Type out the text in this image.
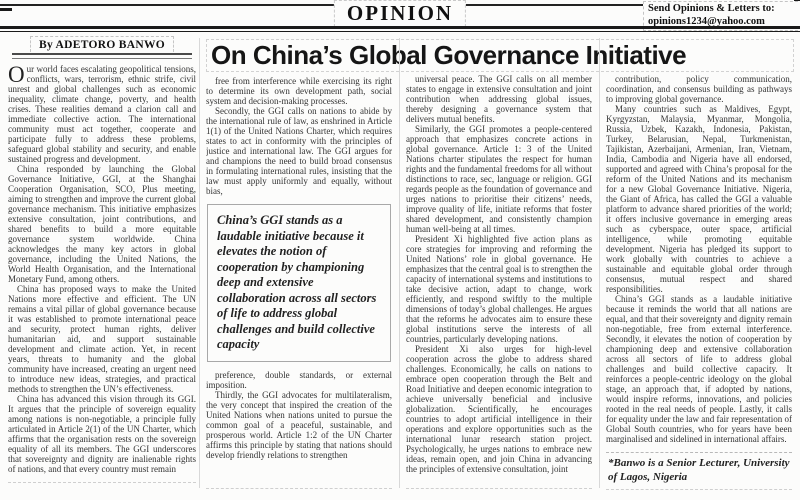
OPINION	Send Opinions & Letters to:
opinions1234@yahoo.com
On China’s Global Governance Initiative
By ADETORO BANWO

Our world faces escalating geopolitical tensions, conflicts, wars, terrorism, ethnic strife, civil unrest and global challenges such as economic inequality, climate change, poverty, and health crises. These realities demand a clarion call and immediate collective action. The international community must act together, cooperate and participate fully to address these problems, safeguard global stability and security, and enable sustained progress and development.

China responded by launching the Global Governance Initiative, GGI, at the Shanghai Cooperation Organisation, SCO, Plus meeting, aiming to strengthen and improve the current global governance mechanism. This initiative emphasizes extensive consultation, joint contributions, and shared benefits to build a more equitable governance system worldwide. China acknowledges the many key actors in global governance, including the United Nations, the World Health Organisation, and the International Monetary Fund, among others.

China has proposed ways to make the United Nations more effective and efficient. The UN remains a vital pillar of global governance because it was established to promote international peace and security, protect human rights, deliver humanitarian aid, and support sustainable development and climate action. Yet, in recent years, threats to humanity and the global community have increased, creating an urgent need to introduce new ideas, strategies, and practical methods to strengthen the UN’s effectiveness.

China has advanced this vision through its GGI. It argues that the principle of sovereign equality among nations is non-negotiable, a principle fully articulated in Article 2(1) of the UN Charter, which affirms that the organisation rests on the sovereign equality of all its members. The GGI underscores that sovereignty and dignity are inalienable rights of nations, and that every country must remain

free from interference while exercising its right to determine its own development path, social system and decision-making processes.

Secondly, the GGI calls on nations to abide by the international rule of law, as enshrined in Article 1(1) of the United Nations Charter, which requires states to act in conformity with the principles of justice and international law. The GGI argues for and champions the need to build broad consensus in formulating international rules, insisting that the law must apply uniformly and equally, without bias,

China’s GGI stands as a laudable initiative because it elevates the notion of cooperation by championing deep and extensive collaboration across all sectors of life to address global challenges and build collective capacity

preference, double standards, or external imposition.

Thirdly, the GGI advocates for multilateralism, the very concept that inspired the creation of the United Nations when nations united to pursue the common goal of a peaceful, sustainable, and prosperous world. Article 1:2 of the UN Charter affirms this principle by stating that nations should develop friendly relations to strengthen

universal peace. The GGI calls on all member states to engage in extensive consultation and joint contribution when addressing global issues, thereby designing a governance system that delivers mutual benefits.

Similarly, the GGI promotes a people-centered approach that emphasizes concrete actions in global governance. Article 1: 3 of the United Nations charter stipulates the respect for human rights and the fundamental freedoms for all without distinctions to race, sec, language or religion. GGI regards people as the foundation of governance and urges nations to prioritise their citizens’ needs, improve quality of life, initiate reforms that foster shared development, and consistently champion human well-being at all times.

President Xi highlighted five action plans as core strategies for improving and reforming the United Nations’ role in global governance. He emphasizes that the central goal is to strengthen the capacity of international systems and institutions to take decisive action, adapt to change, work efficiently, and respond swiftly to the multiple dimensions of today’s global challenges. He argues that the reforms he advocates aim to ensure these global institutions serve the interests of all countries, particularly developing nations.

President Xi also urges for high-level cooperation across the globe to address shared challenges. Economically, he calls on nations to embrace open cooperation through the Belt and Road Initiative and deepen economic integration to achieve universally beneficial and inclusive globalization. Scientifically, he encourages countries to adopt artificial intelligence in their operations and explore opportunities such as the international lunar research station project. Psychologically, he urges nations to embrace new ideas, remain open, and join China in advancing the principles of extensive consultation, joint

contribution, policy communication, coordination, and consensus building as pathways to improving global governance.

Many countries such as Maldives, Egypt, Kyrgyzstan, Malaysia, Myanmar, Mongolia, Russia, Uzbek, Kazakh, Indonesia, Pakistan, Turkey, Belarusian, Nepal, Turkmenistan, Tajikistan, Azerbaijani, Armenian, Iran, Vietnam, India, Cambodia and Nigeria have all endorsed, supported and agreed with China’s proposal for the reform of the United Nations and its mechanism for a new Global Governance Initiative. Nigeria, the Giant of Africa, has called the GGI a valuable platform to advance shared priorities of the world; it offers inclusive governance in emerging areas such as cyberspace, outer space, artificial intelligence, while promoting equitable development. Nigeria has pledged its support to work globally with countries to achieve a sustainable and equitable global order through consensus, mutual respect and shared responsibilities.

China’s GGI stands as a laudable initiative because it reminds the world that all nations are equal, and that their sovereignty and dignity remain non-negotiable, free from external interference. Secondly, it elevates the notion of cooperation by championing deep and extensive collaboration across all sectors of life to address global challenges and build collective capacity. It reinforces a people-centric ideology on the global stage, an approach that, if adopted by nations, would inspire reforms, innovations, and policies rooted in the real needs of people. Lastly, it calls for equality under the law and fair representation of Global South countries, who for years have been marginalised and sidelined in international affairs.

*Banwo is a Senior Lecturer, University of Lagos, Nigeria
